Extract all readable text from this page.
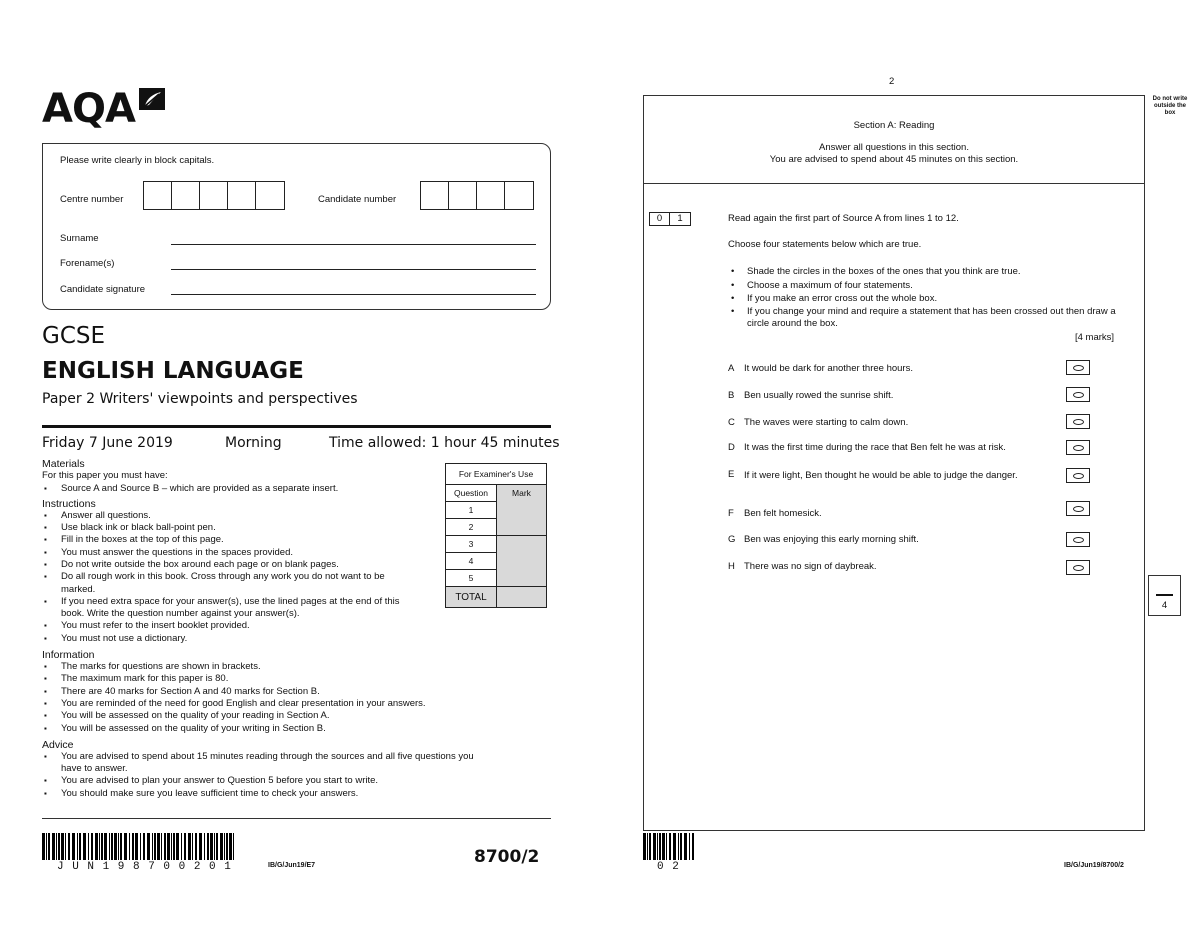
AQA
Please write clearly in block capitals.
Centre number	Candidate number
Surname
Forename(s)
Candidate signature
GCSE
ENGLISH LANGUAGE
Paper 2 Writers' viewpoints and perspectives
Friday 7 June 2019	Morning	Time allowed: 1 hour 45 minutes
Materials
For this paper you must have:
▪ Source A and Source B – which are provided as a separate insert.
Instructions
▪ Answer all questions.
▪ Use black ink or black ball-point pen.
▪ Fill in the boxes at the top of this page.
▪ You must answer the questions in the spaces provided.
▪ Do not write outside the box around each page or on blank pages.
▪ Do all rough work in this book. Cross through any work you do not want to be marked.
▪ If you need extra space for your answer(s), use the lined pages at the end of this book. Write the question number against your answer(s).
▪ You must refer to the insert booklet provided.
▪ You must not use a dictionary.
Information
▪ The marks for questions are shown in brackets.
▪ The maximum mark for this paper is 80.
▪ There are 40 marks for Section A and 40 marks for Section B.
▪ You are reminded of the need for good English and clear presentation in your answers.
▪ You will be assessed on the quality of your reading in Section A.
▪ You will be assessed on the quality of your writing in Section B.
Advice
▪ You are advised to spend about 15 minutes reading through the sources and all five questions you have to answer.
▪ You are advised to plan your answer to Question 5 before you start to write.
▪ You should make sure you leave sufficient time to check your answers.
For Examiner's Use	
Question	Mark
1	
2	
3	
4	
5	
TOTAL	
J U N 1 9 8 7 0 0 2 0 1	IB/G/Jun19/E7	8700/2
2
Do not write outside the box
Section A: Reading
Answer all questions in this section.
You are advised to spend about 45 minutes on this section.
0	1	Read again the first part of Source A from lines 1 to 12.
Choose four statements below which are true.
• Shade the circles in the boxes of the ones that you think are true.
• Choose a maximum of four statements.
• If you make an error cross out the whole box.
• If you change your mind and require a statement that has been crossed out then draw a circle around the box.
[4 marks]
A It would be dark for another three hours.
B Ben usually rowed the sunrise shift.
C The waves were starting to calm down.
D It was the first time during the race that Ben felt he was at risk.
E	If it were light, Ben thought he would be able to judge the danger.
F Ben felt homesick.
G Ben was enjoying this early morning shift.
H There was no sign of daybreak.
4
0 2	IB/G/Jun19/8700/2
